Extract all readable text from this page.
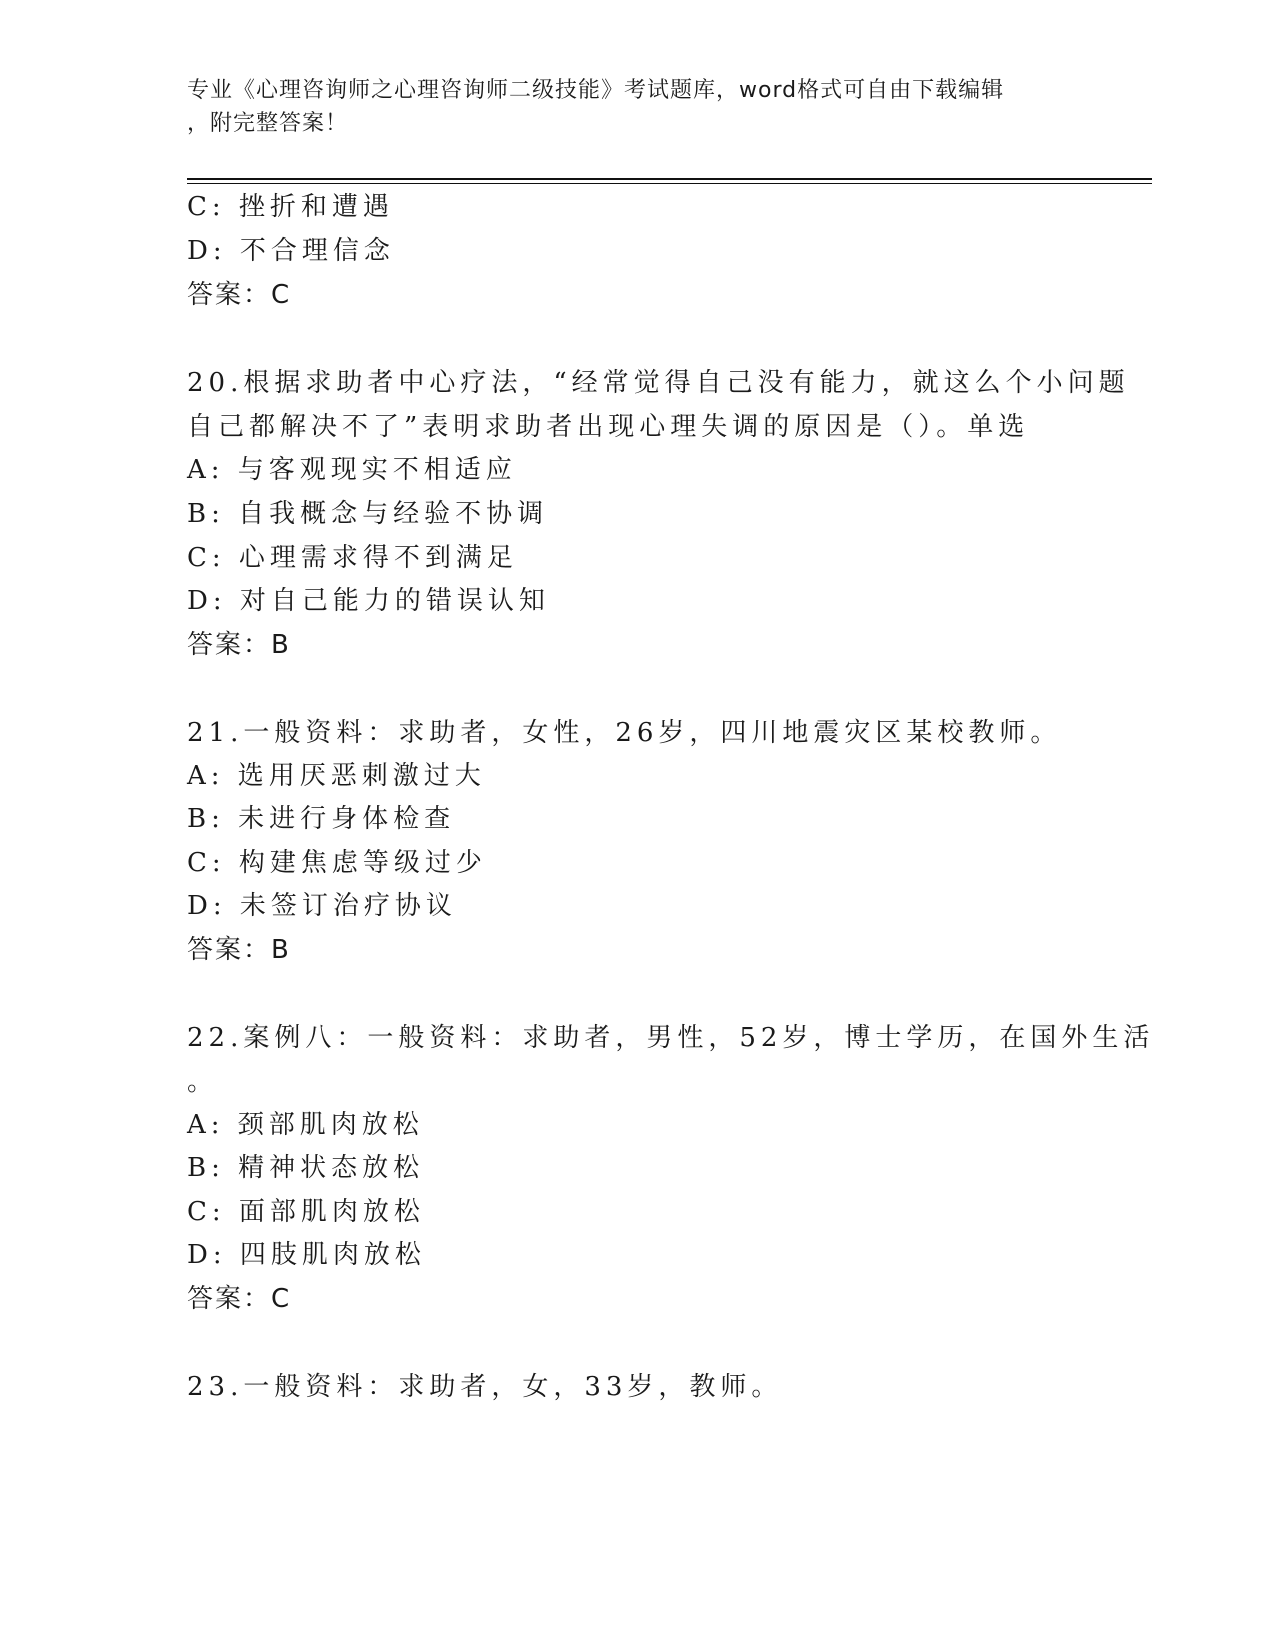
专业《心理咨询师之心理咨询师二级技能》考试题库，word格式可自由下载编辑
，附完整答案！
C: 挫折和遭遇
D: 不合理信念
答案：C
20.根据求助者中心疗法，“经常觉得自己没有能力，就这么个小问题
自己都解决不了”表明求助者出现心理失调的原因是（）。单选
A: 与客观现实不相适应
B: 自我概念与经验不协调
C: 心理需求得不到满足
D: 对自己能力的错误认知
答案：B
21.一般资料：求助者，女性，26岁，四川地震灾区某校教师。
A: 选用厌恶刺激过大
B: 未进行身体检查
C: 构建焦虑等级过少
D: 未签订治疗协议
答案：B
22.案例八：一般资料：求助者，男性，52岁，博士学历，在国外生活
。
A: 颈部肌肉放松
B: 精神状态放松
C: 面部肌肉放松
D: 四肢肌肉放松
答案：C
23.一般资料：求助者，女，33岁，教师。
